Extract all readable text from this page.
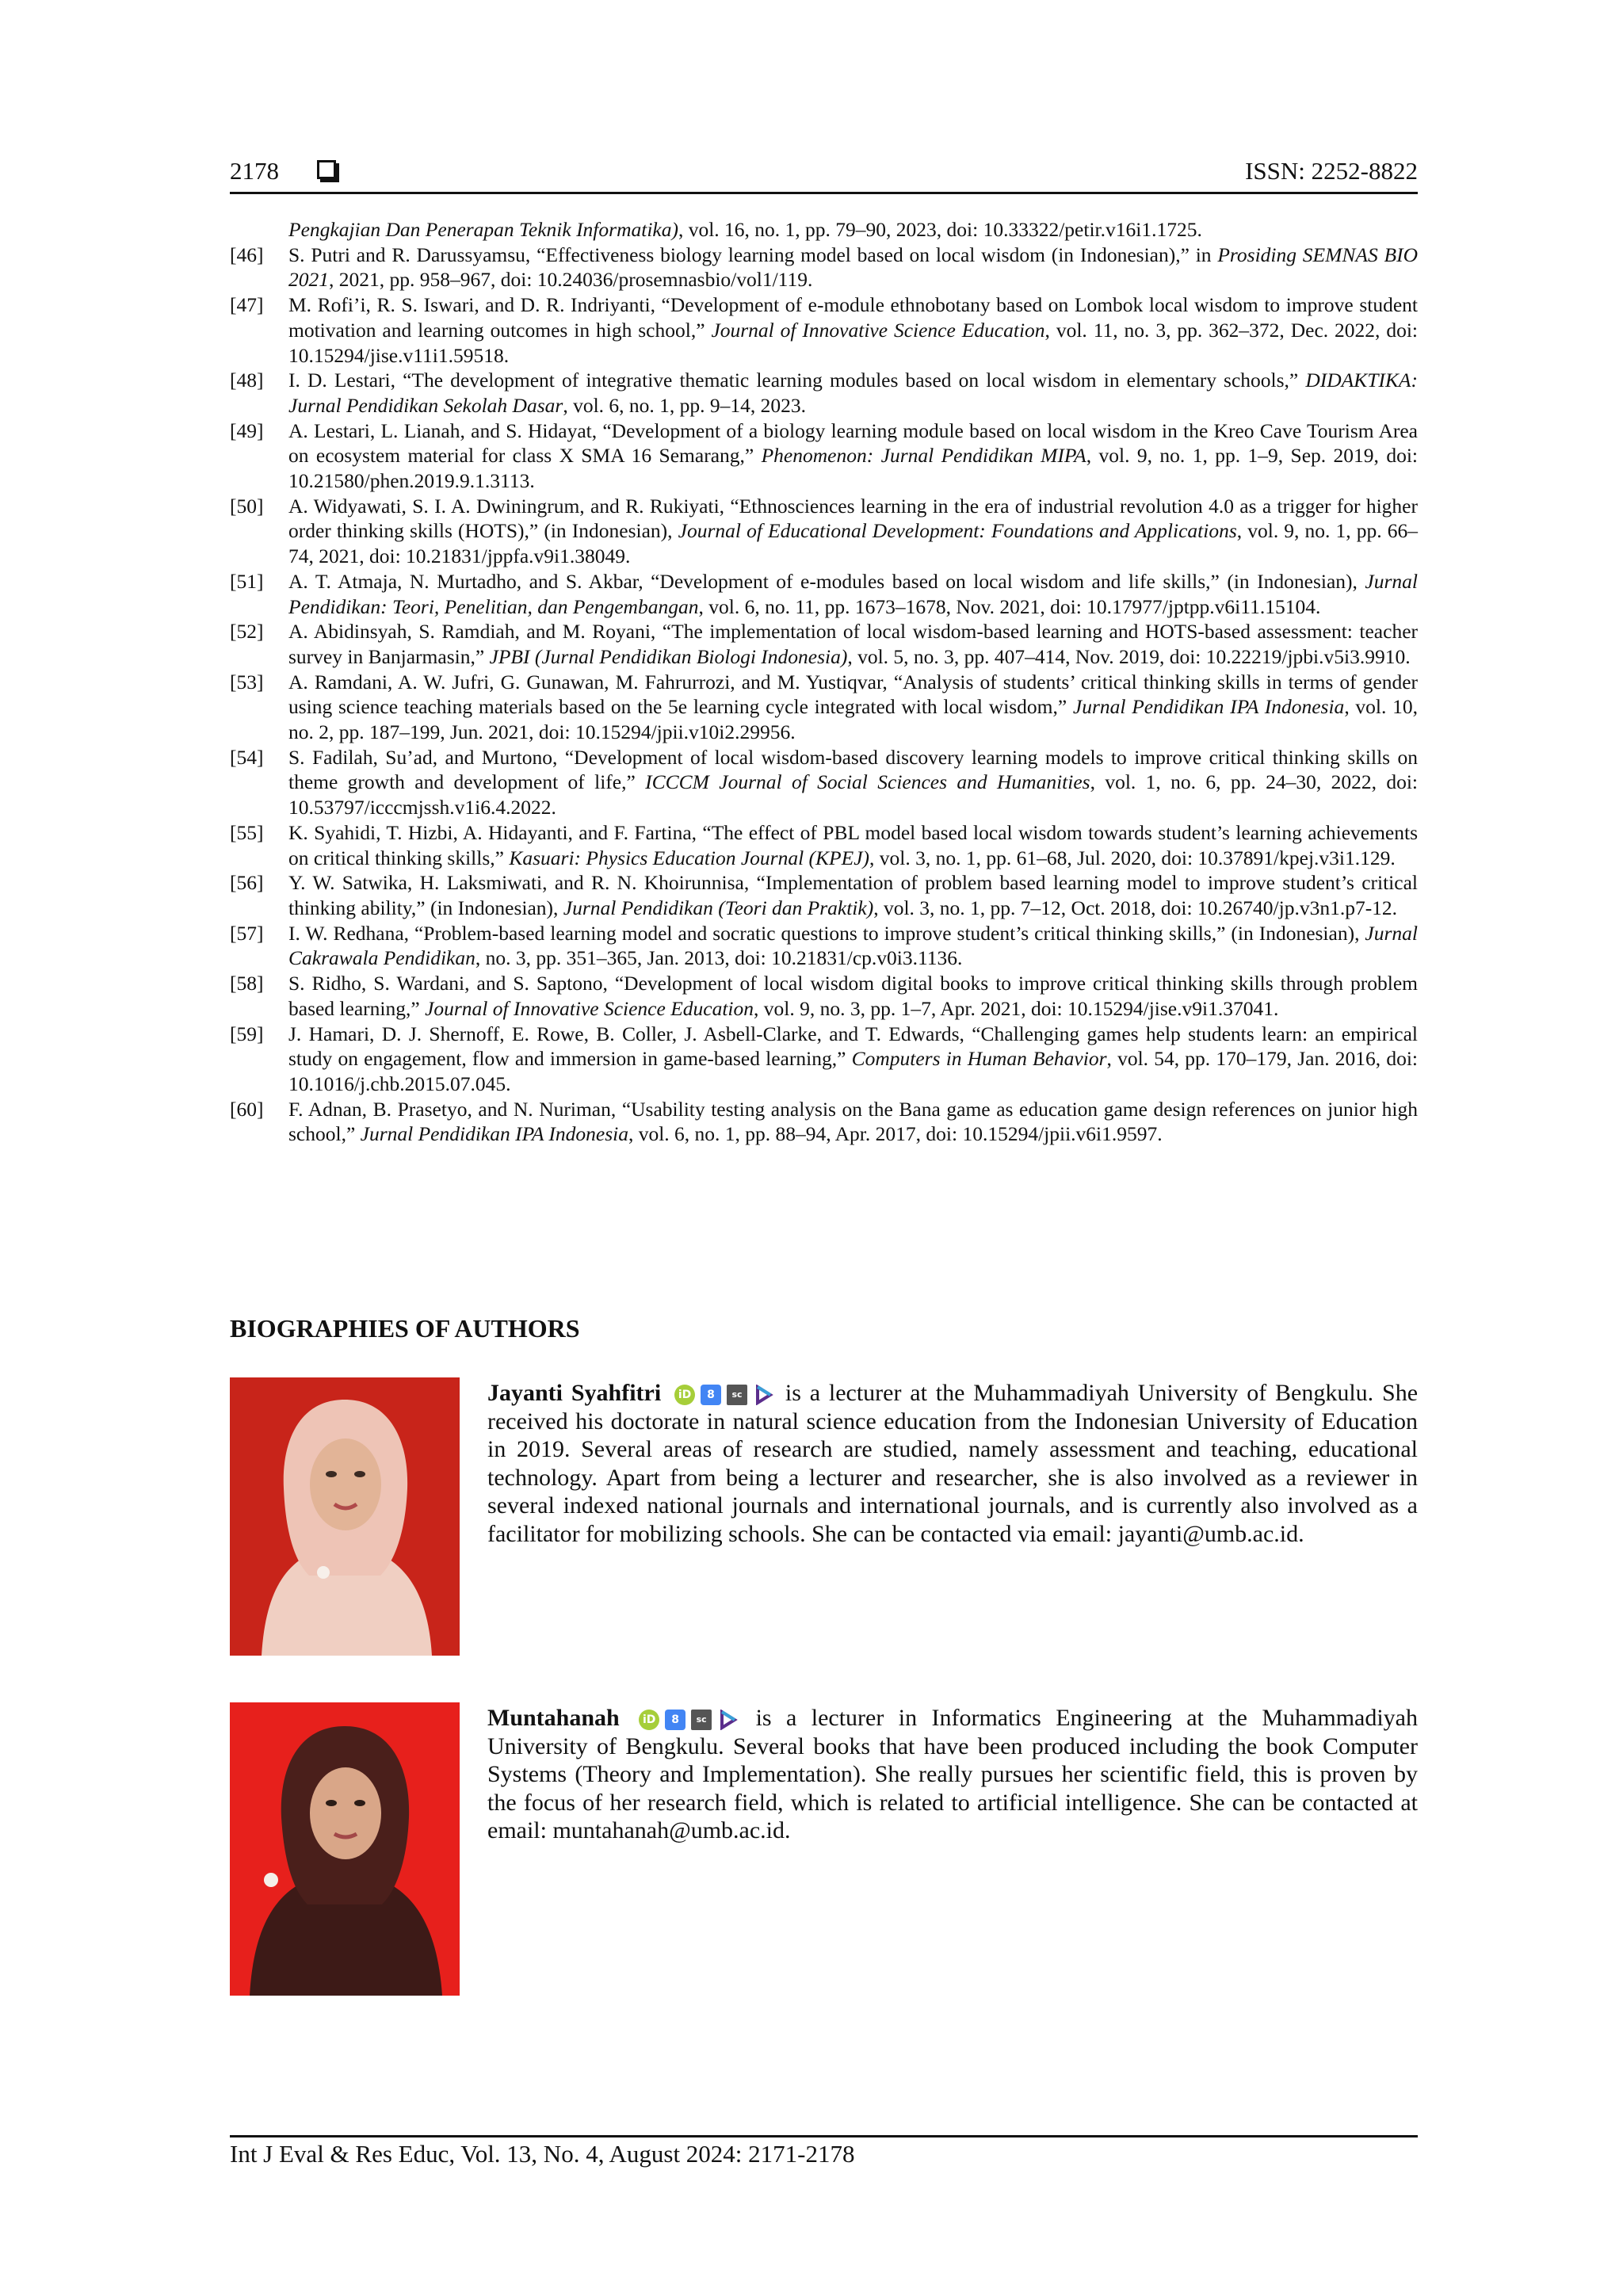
2178	ISSN: 2252-8822
Pengkajian Dan Penerapan Teknik Informatika), vol. 16, no. 1, pp. 79–90, 2023, doi: 10.33322/petir.v16i1.1725.
[46]	S. Putri and R. Darussyamsu, “Effectiveness biology learning model based on local wisdom (in Indonesian),” in Prosiding SEMNAS BIO 2021, 2021, pp. 958–967, doi: 10.24036/prosemnasbio/vol1/119.
[47]	M. Rofi’i, R. S. Iswari, and D. R. Indriyanti, “Development of e-module ethnobotany based on Lombok local wisdom to improve student motivation and learning outcomes in high school,” Journal of Innovative Science Education, vol. 11, no. 3, pp. 362–372, Dec. 2022, doi: 10.15294/jise.v11i1.59518.
[48]	I. D. Lestari, “The development of integrative thematic learning modules based on local wisdom in elementary schools,” DIDAKTIKA: Jurnal Pendidikan Sekolah Dasar, vol. 6, no. 1, pp. 9–14, 2023.
[49]	A. Lestari, L. Lianah, and S. Hidayat, “Development of a biology learning module based on local wisdom in the Kreo Cave Tourism Area on ecosystem material for class X SMA 16 Semarang,” Phenomenon: Jurnal Pendidikan MIPA, vol. 9, no. 1, pp. 1–9, Sep. 2019, doi: 10.21580/phen.2019.9.1.3113.
[50]	A. Widyawati, S. I. A. Dwiningrum, and R. Rukiyati, “Ethnosciences learning in the era of industrial revolution 4.0 as a trigger for higher order thinking skills (HOTS),” (in Indonesian), Journal of Educational Development: Foundations and Applications, vol. 9, no. 1, pp. 66–74, 2021, doi: 10.21831/jppfa.v9i1.38049.
[51]	A. T. Atmaja, N. Murtadho, and S. Akbar, “Development of e-modules based on local wisdom and life skills,” (in Indonesian), Jurnal Pendidikan: Teori, Penelitian, dan Pengembangan, vol. 6, no. 11, pp. 1673–1678, Nov. 2021, doi: 10.17977/jptpp.v6i11.15104.
[52]	A. Abidinsyah, S. Ramdiah, and M. Royani, “The implementation of local wisdom-based learning and HOTS-based assessment: teacher survey in Banjarmasin,” JPBI (Jurnal Pendidikan Biologi Indonesia), vol. 5, no. 3, pp. 407–414, Nov. 2019, doi: 10.22219/jpbi.v5i3.9910.
[53]	A. Ramdani, A. W. Jufri, G. Gunawan, M. Fahrurrozi, and M. Yustiqvar, “Analysis of students’ critical thinking skills in terms of gender using science teaching materials based on the 5e learning cycle integrated with local wisdom,” Jurnal Pendidikan IPA Indonesia, vol. 10, no. 2, pp. 187–199, Jun. 2021, doi: 10.15294/jpii.v10i2.29956.
[54]	S. Fadilah, Su’ad, and Murtono, “Development of local wisdom-based discovery learning models to improve critical thinking skills on theme growth and development of life,” ICCCM Journal of Social Sciences and Humanities, vol. 1, no. 6, pp. 24–30, 2022, doi: 10.53797/icccmjssh.v1i6.4.2022.
[55]	K. Syahidi, T. Hizbi, A. Hidayanti, and F. Fartina, “The effect of PBL model based local wisdom towards student’s learning achievements on critical thinking skills,” Kasuari: Physics Education Journal (KPEJ), vol. 3, no. 1, pp. 61–68, Jul. 2020, doi: 10.37891/kpej.v3i1.129.
[56]	Y. W. Satwika, H. Laksmiwati, and R. N. Khoirunnisa, “Implementation of problem based learning model to improve student’s critical thinking ability,” (in Indonesian), Jurnal Pendidikan (Teori dan Praktik), vol. 3, no. 1, pp. 7–12, Oct. 2018, doi: 10.26740/jp.v3n1.p7-12.
[57]	I. W. Redhana, “Problem-based learning model and socratic questions to improve student’s critical thinking skills,” (in Indonesian), Jurnal Cakrawala Pendidikan, no. 3, pp. 351–365, Jan. 2013, doi: 10.21831/cp.v0i3.1136.
[58]	S. Ridho, S. Wardani, and S. Saptono, “Development of local wisdom digital books to improve critical thinking skills through problem based learning,” Journal of Innovative Science Education, vol. 9, no. 3, pp. 1–7, Apr. 2021, doi: 10.15294/jise.v9i1.37041.
[59]	J. Hamari, D. J. Shernoff, E. Rowe, B. Coller, J. Asbell-Clarke, and T. Edwards, “Challenging games help students learn: an empirical study on engagement, flow and immersion in game-based learning,” Computers in Human Behavior, vol. 54, pp. 170–179, Jan. 2016, doi: 10.1016/j.chb.2015.07.045.
[60]	F. Adnan, B. Prasetyo, and N. Nuriman, “Usability testing analysis on the Bana game as education game design references on junior high school,” Jurnal Pendidikan IPA Indonesia, vol. 6, no. 1, pp. 88–94, Apr. 2017, doi: 10.15294/jpii.v6i1.9597.
BIOGRAPHIES OF AUTHORS
Jayanti Syahfitri	iD	8	sc is a lecturer at the Muhammadiyah University of Bengkulu. She received his doctorate in natural science education from the Indonesian University of Education in 2019. Several areas of research are studied, namely assessment and teaching, educational technology. Apart from being a lecturer and researcher, she is also involved as a reviewer in several indexed national journals and international journals, and is currently also involved as a facilitator for mobilizing schools. She can be contacted via email: jayanti@umb.ac.id.
Muntahanah	iD	8	sc is a lecturer in Informatics Engineering at the Muhammadiyah University of Bengkulu. Several books that have been produced including the book Computer Systems (Theory and Implementation). She really pursues her scientific field, this is proven by the focus of her research field, which is related to artificial intelligence. She can be contacted at email: muntahanah@umb.ac.id.
Int J Eval & Res Educ, Vol. 13, No. 4, August 2024: 2171-2178
